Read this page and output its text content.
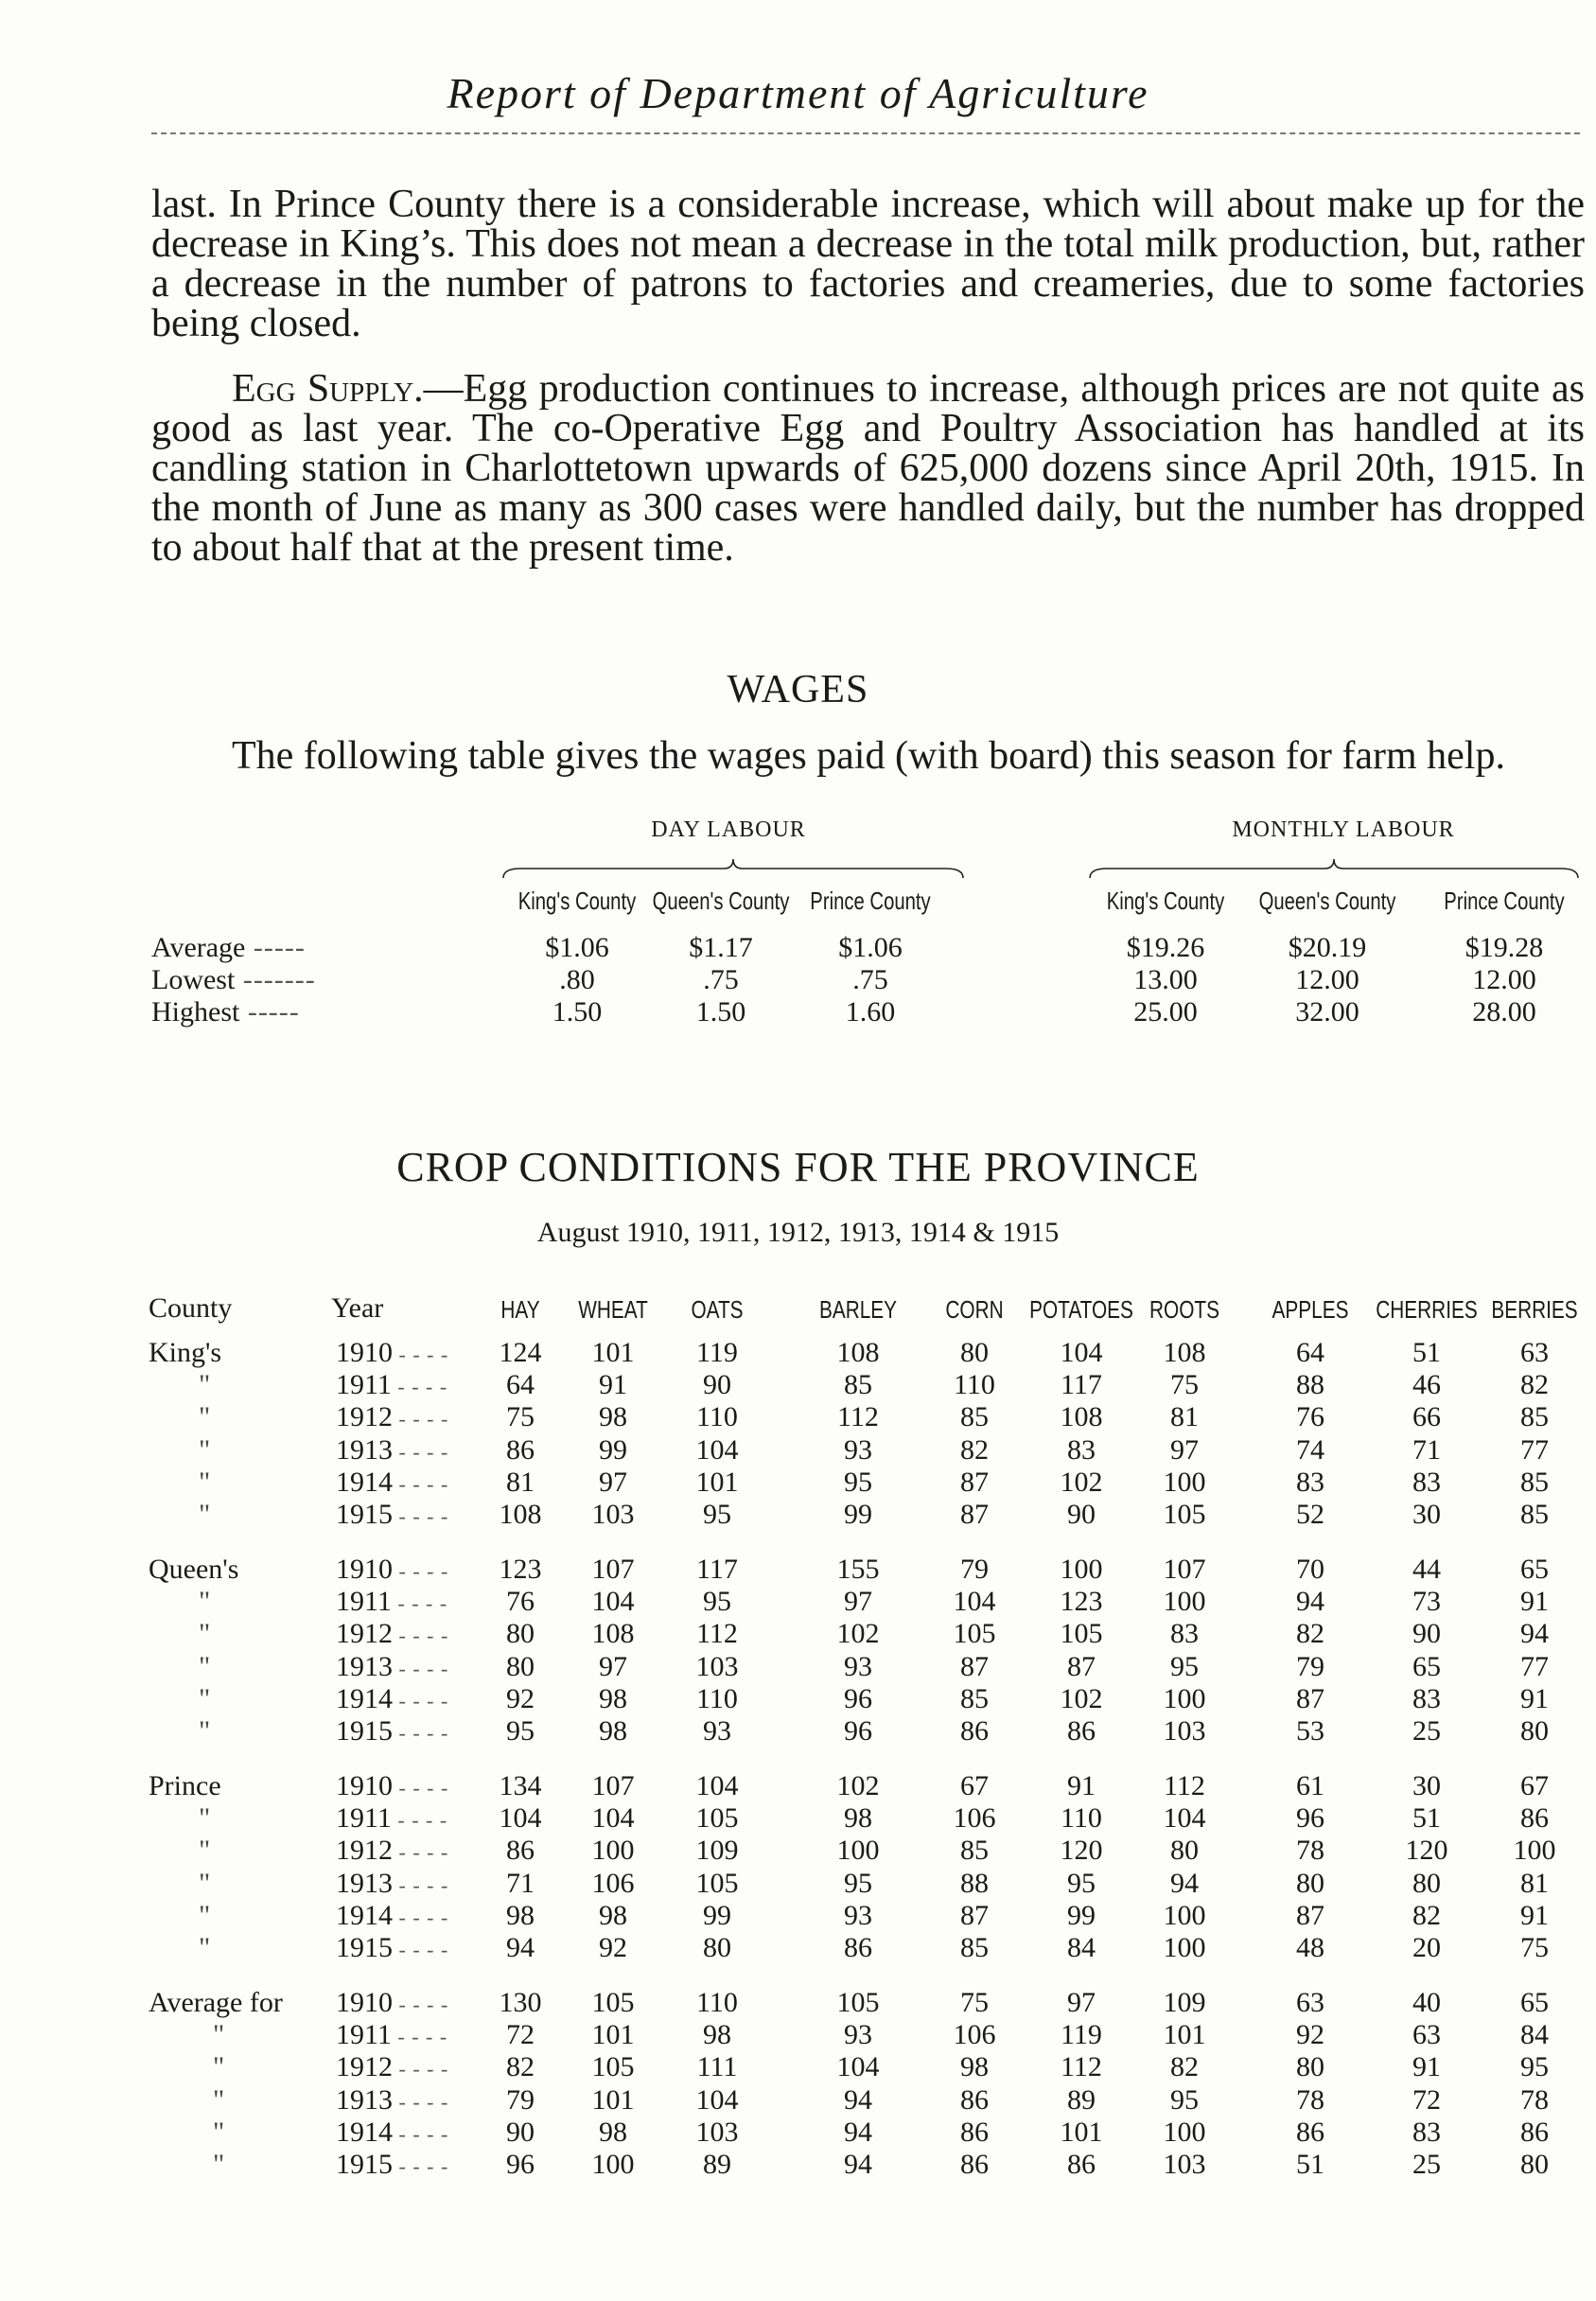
Report of Department of Agriculture
last. In Prince County there is a considerable increase, which will about make up for the decrease in King’s. This does not mean a decrease in the total milk production, but, rather a decrease in the number of patrons to factories and creameries, due to some factories being closed.
Egg Supply.—Egg production continues to increase, although prices are not quite as good as last year. The co-Operative Egg and Poultry Association has handled at its candling station in Charlottetown upwards of 625,000 dozens since April 20th, 1915. In the month of June as many as 300 cases were handled daily, but the number has dropped to about half that at the present time.
WAGES
The following table gives the wages paid (with board) this season for farm help.
DAY LABOUR	MONTHLY LABOUR
King's County Queen's County Prince County	King's County	Queen's County	Prince County
Average -----	$1.06	$1.17	$1.06	$19.26	$20.19	$19.28
Lowest -------	.80	.75	.75	13.00	12.00	12.00
Highest -----	1.50	1.50	1.60	25.00	32.00	28.00
CROP CONDITIONS FOR THE PROVINCE
August 1910, 1911, 1912, 1913, 1914 & 1915
County	Year	HAY	WHEAT	OATS	BARLEY	CORN	POTATOES ROOTS	APPLES	CHERRIES BERRIES
King's	1910 - - - -	124	101	119	108	80	104	108	64	51	63
"	1911 - - - -	64	91	90	85	110	117	75	88	46	82
"	1912 - - - -	75	98	110	112	85	108	81	76	66	85
"	1913 - - - -	86	99	104	93	82	83	97	74	71	77
"	1914 - - - -	81	97	101	95	87	102	100	83	83	85
"	1915 - - - -	108	103	95	99	87	90	105	52	30	85
Queen's	1910 - - - -	123	107	117	155	79	100	107	70	44	65
"	1911 - - - -	76	104	95	97	104	123	100	94	73	91
"	1912 - - - -	80	108	112	102	105	105	83	82	90	94
"	1913 - - - -	80	97	103	93	87	87	95	79	65	77
"	1914 - - - -	92	98	110	96	85	102	100	87	83	91
"	1915 - - - -	95	98	93	96	86	86	103	53	25	80
Prince	1910 - - - -	134	107	104	102	67	91	112	61	30	67
"	1911 - - - -	104	104	105	98	106	110	104	96	51	86
"	1912 - - - -	86	100	109	100	85	120	80	78	120	100
"	1913 - - - -	71	106	105	95	88	95	94	80	80	81
"	1914 - - - -	98	98	99	93	87	99	100	87	82	91
"	1915 - - - -	94	92	80	86	85	84	100	48	20	75
Average for 1910 - - - -	130	105	110	105	75	97	109	63	40	65
"	1911 - - - -	72	101	98	93	106	119	101	92	63	84
"	1912 - - - -	82	105	111	104	98	112	82	80	91	95
"	1913 - - - -	79	101	104	94	86	89	95	78	72	78
"	1914 - - - -	90	98	103	94	86	101	100	86	83	86
"	1915 - - - -	96	100	89	94	86	86	103	51	25	80
